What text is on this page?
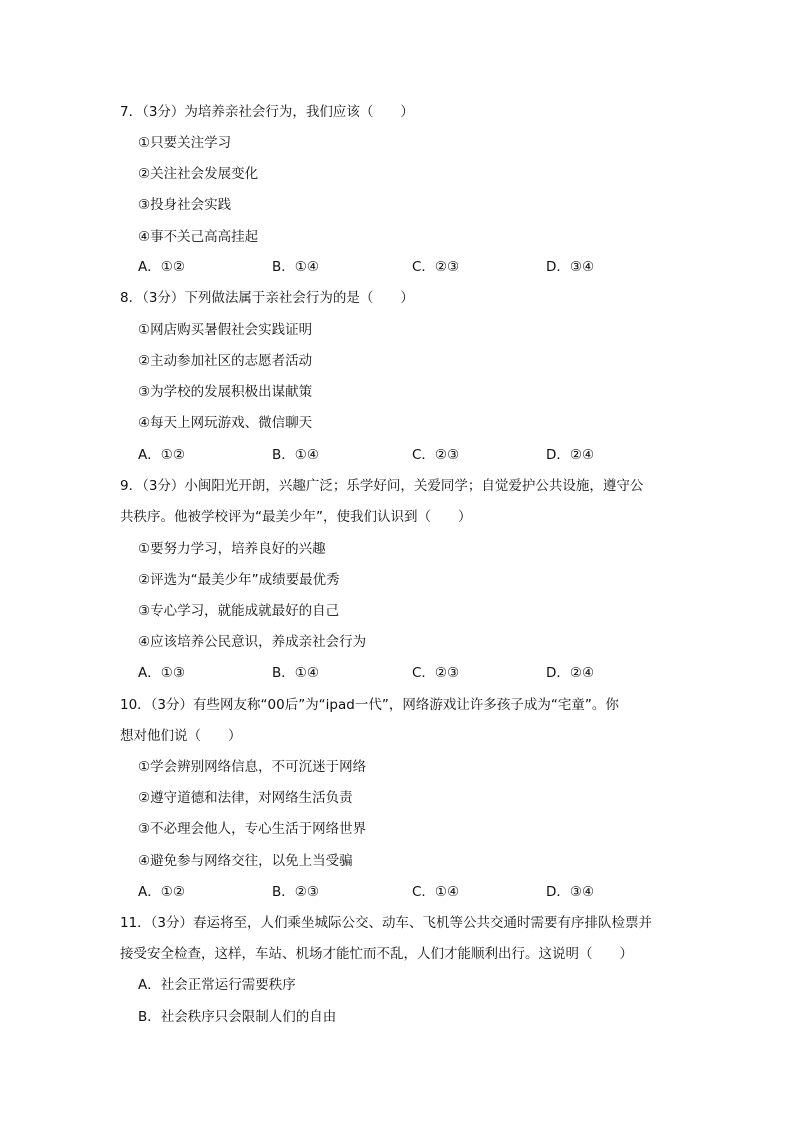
7．（3分）为培养亲社会行为，我们应该（　　）
①只要关注学习
②关注社会发展变化
③投身社会实践
④事不关己高高挂起
A．①②	B．①④	C．②③	D．③④
8．（3分）下列做法属于亲社会行为的是（　　）
①网店购买暑假社会实践证明
②主动参加社区的志愿者活动
③为学校的发展积极出谋献策
④每天上网玩游戏、微信聊天
A．①②	B．①④	C．②③	D．②④
9．（3分）小闽阳光开朗，兴趣广泛；乐学好问，关爱同学；自觉爱护公共设施，遵守公
共秩序。他被学校评为“最美少年”，使我们认识到（　　）
①要努力学习，培养良好的兴趣
②评选为“最美少年”成绩要最优秀
③专心学习，就能成就最好的自己
④应该培养公民意识，养成亲社会行为
A．①③	B．①④	C．②③	D．②④
10．（3分）有些网友称“00后”为“ipad一代”，网络游戏让许多孩子成为“宅童”。你
想对他们说（　　）
①学会辨别网络信息，不可沉迷于网络
②遵守道德和法律，对网络生活负责
③不必理会他人，专心生活于网络世界
④避免参与网络交往，以免上当受骗
A．①②	B．②③	C．①④	D．③④
11．（3分）春运将至，人们乘坐城际公交、动车、飞机等公共交通时需要有序排队检票并
接受安全检查，这样，车站、机场才能忙而不乱，人们才能顺利出行。这说明（　　）
A．社会正常运行需要秩序
B．社会秩序只会限制人们的自由
